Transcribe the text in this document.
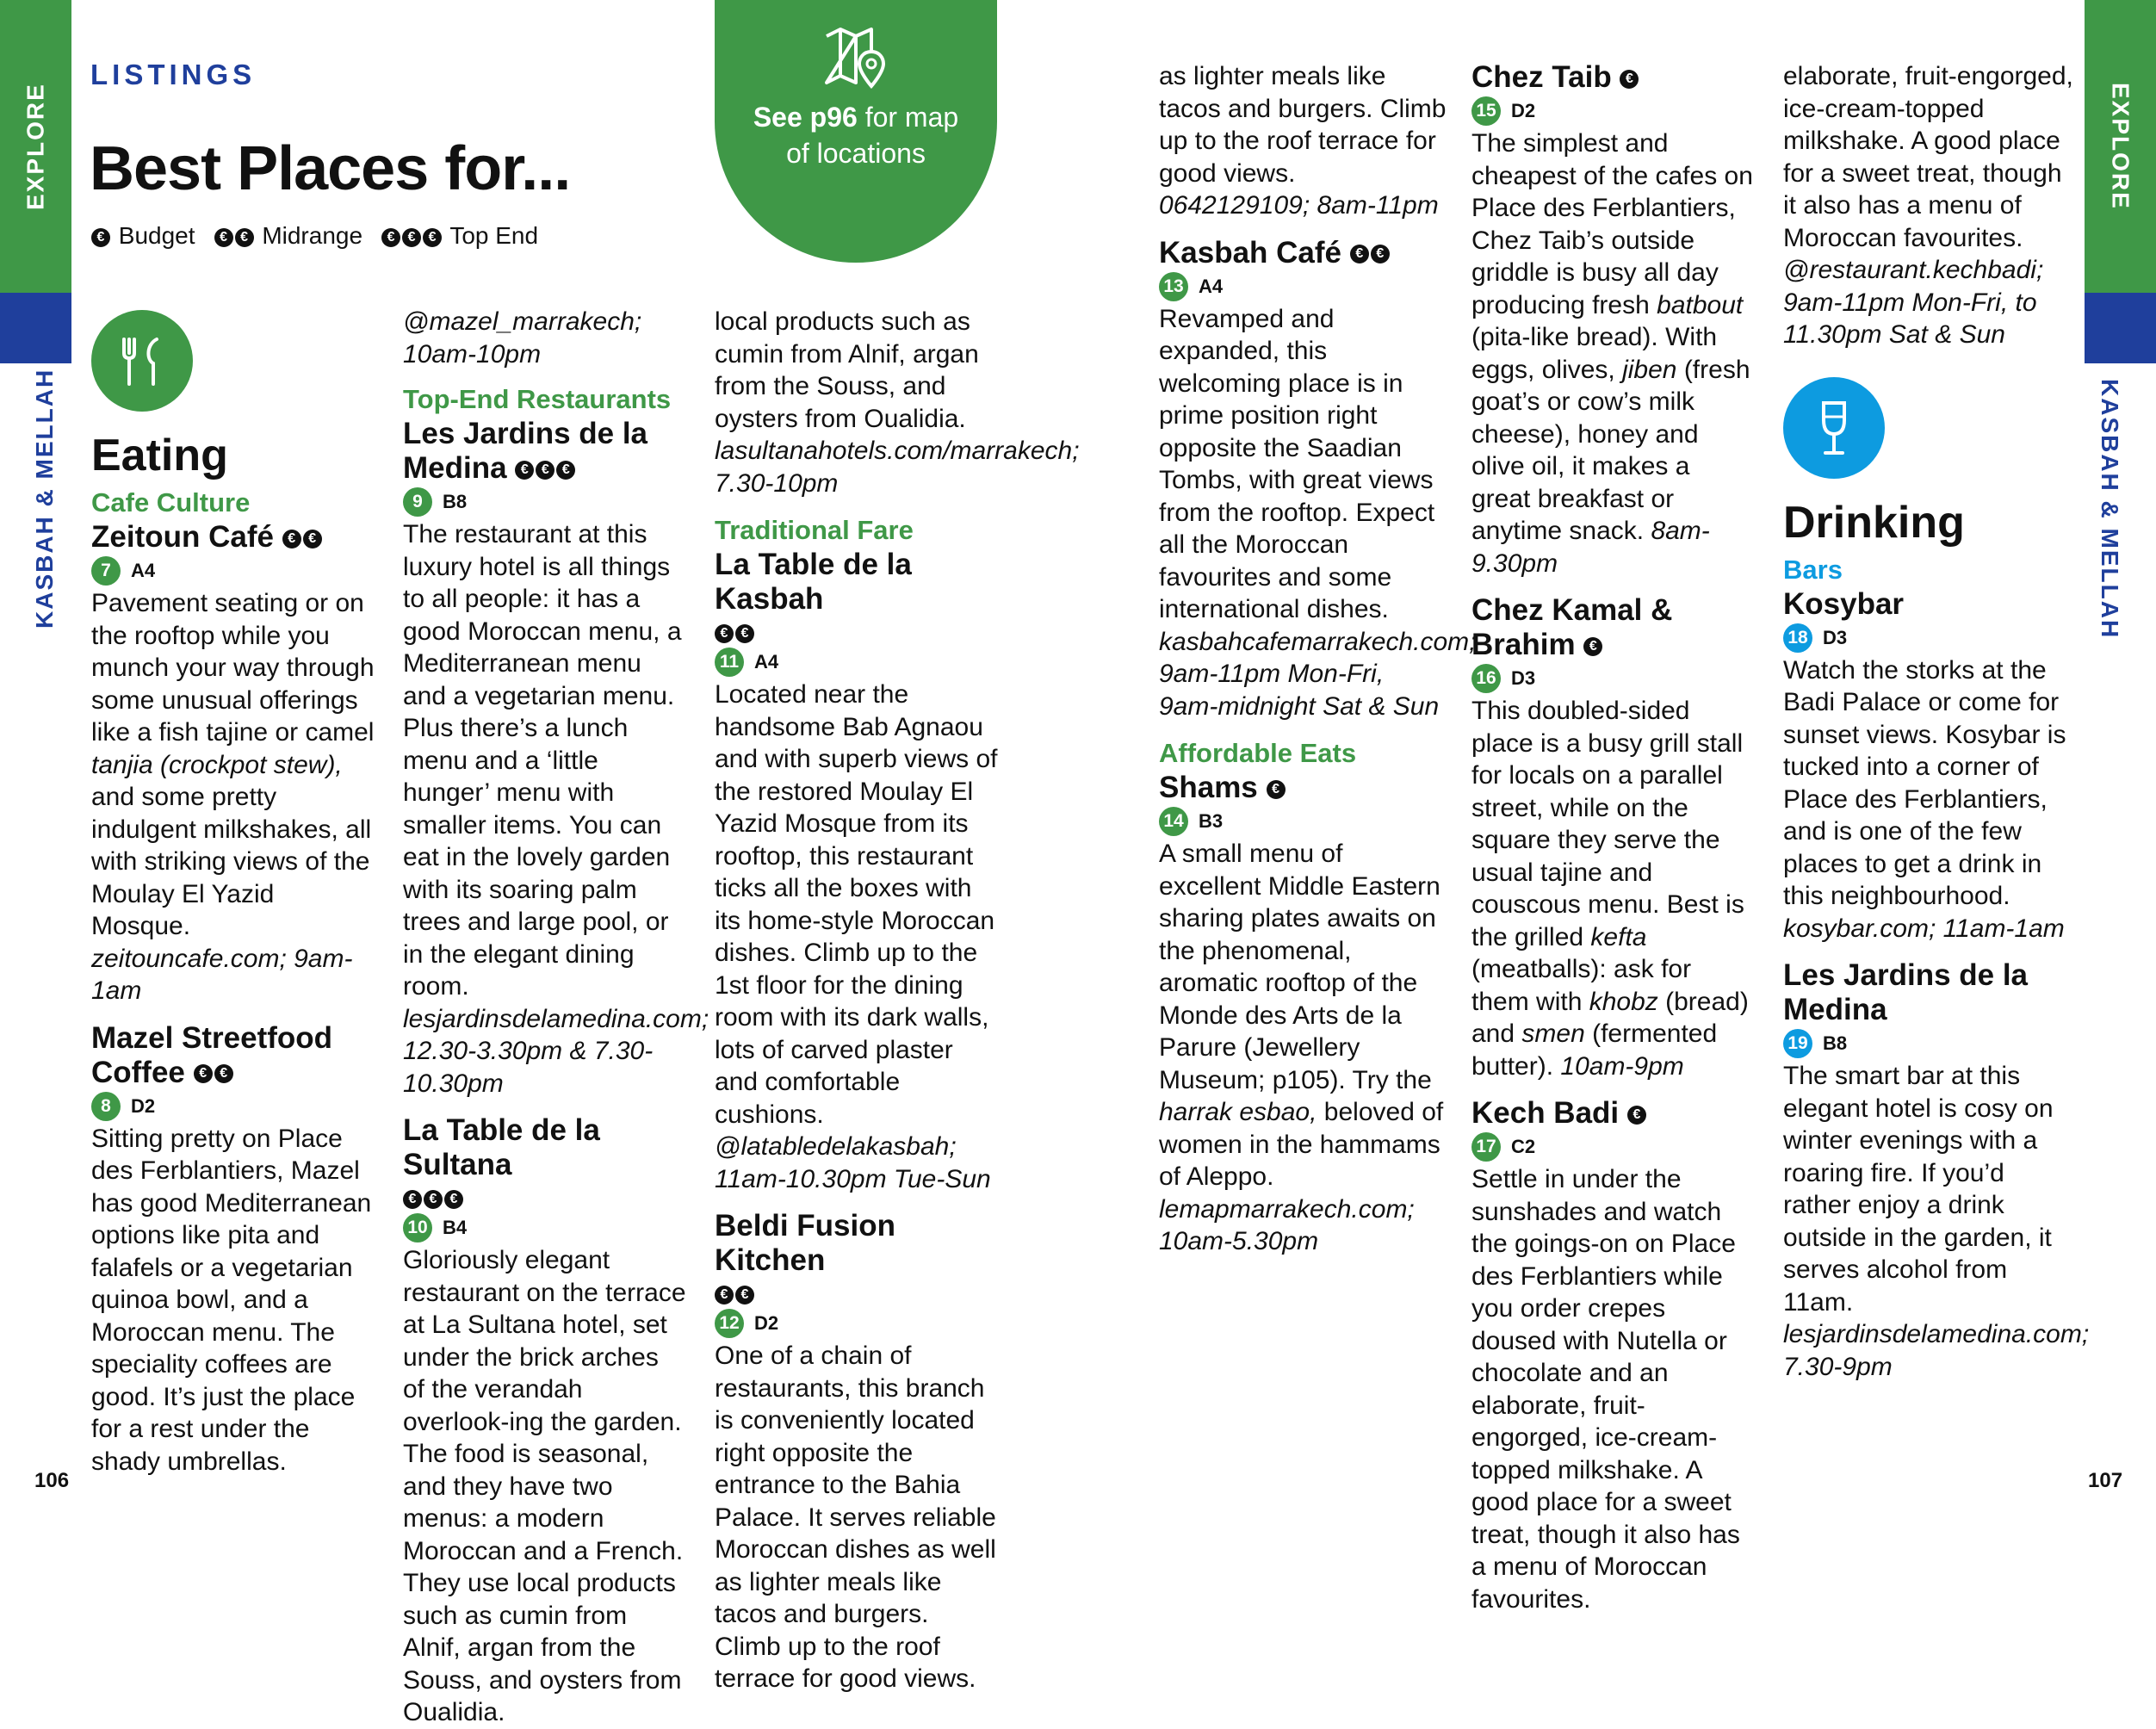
EXPLORE
KASBAH & MELLAH
EXPLORE
KASBAH & MELLAH
LISTINGS
Best Places for...
€ Budget	€ € Midrange	€ € € Top End
See p96 for map
of locations
Eating
Cafe Culture
Zeitoun Café € €
7	A4

Pavement seating or on the rooftop while you munch your way through some unusual offerings like a fish tajine or camel tanjia (crockpot stew), and some pretty indulgent milkshakes, all with striking views of the Moulay El Yazid Mosque. zeitouncafe.com; 9am-1am

Mazel Streetfood Coffee € €
8	D2

Sitting pretty on Place des Ferblantiers, Mazel has good Mediterranean options like pita and falafels or a vegetarian quinoa bowl, and a Moroccan menu. The speciality coffees are good. It’s just the place for a rest under the shady umbrellas.

@mazel_marrakech; 10am-10pm

Top-End Restaurants
Les Jardins de la Medina € € €
9	B8

The restaurant at this luxury hotel is all things to all people: it has a good Moroccan menu, a Mediterranean menu and a vegetarian menu. Plus there’s a lunch menu and a ‘little hunger’ menu with smaller items. You can eat in the lovely garden with its soaring palm trees and large pool, or in the elegant dining room. lesjardinsdelamedina.com; 12.30-3.30pm & 7.30-10.30pm

La Table de la Sultana
€ € €
10 B4

Gloriously elegant restaurant on the terrace at La Sultana hotel, set under the brick arches of the verandah overlook-ing the garden. The food is seasonal, and they have two menus: a modern Moroccan and a French. They use local products such as cumin from Alnif, argan from the Souss, and oysters from Oualidia.

local products such as cumin from Alnif, argan from the Souss, and oysters from Oualidia. lasultanahotels.com/marrakech; 7.30-10pm

Traditional Fare
La Table de la Kasbah
€ €
11 A4

Located near the handsome Bab Agnaou and with superb views of the restored Moulay El Yazid Mosque from its rooftop, this restaurant ticks all the boxes with its home-style Moroccan dishes. Climb up to the 1st floor for the dining room with its dark walls, lots of carved plaster and comfortable cushions. @latabledelakasbah; 11am-10.30pm Tue-Sun

Beldi Fusion Kitchen
€ €
12 D2

One of a chain of restaurants, this branch is conveniently located right opposite the entrance to the Bahia Palace. It serves reliable Moroccan dishes as well as lighter meals like tacos and burgers. Climb up to the roof terrace for good views.

as lighter meals like tacos and burgers. Climb up to the roof terrace for good views. 0642129109; 8am-11pm

Kasbah Café € €
13 A4

Revamped and expanded, this welcoming place is in prime position right opposite the Saadian Tombs, with great views from the rooftop. Expect all the Moroccan favourites and some international dishes. kasbahcafemarrakech.com; 9am-11pm Mon-Fri, 9am-midnight Sat & Sun

Affordable Eats
Shams €
14 B3

A small menu of excellent Middle Eastern sharing plates awaits on the phenomenal, aromatic rooftop of the Monde des Arts de la Parure (Jewellery Museum; p105). Try the harrak esbao, beloved of women in the hammams of Aleppo. lemapmarrakech.com; 10am-5.30pm

Chez Taib €
15 D2

The simplest and cheapest of the cafes on Place des Ferblantiers, Chez Taib’s outside griddle is busy all day producing fresh batbout (pita-like bread). With eggs, olives, jiben (fresh goat’s or cow’s milk cheese), honey and olive oil, it makes a great breakfast or anytime snack. 8am-9.30pm

Chez Kamal & Brahim €
16 D3

This doubled-sided place is a busy grill stall for locals on a parallel street, while on the square they serve the usual tajine and couscous menu. Best is the grilled kefta (meatballs): ask for them with khobz (bread) and smen (fermented butter). 10am-9pm

Kech Badi €
17 C2

Settle in under the sunshades and watch the goings-on on Place des Ferblantiers while you order crepes doused with Nutella or chocolate and an elaborate, fruit-engorged, ice-cream-topped milkshake. A good place for a sweet treat, though it also has a menu of Moroccan favourites.

elaborate, fruit-engorged, ice-cream-topped milkshake. A good place for a sweet treat, though it also has a menu of Moroccan favourites. @restaurant.kechbadi; 9am-11pm Mon-Fri, to 11.30pm Sat & Sun

Drinking
Bars
Kosybar
18 D3

Watch the storks at the Badi Palace or come for sunset views. Kosybar is tucked into a corner of Place des Ferblantiers, and is one of the few places to get a drink in this neighbourhood. kosybar.com; 11am-1am

Les Jardins de la Medina
19 B8

The smart bar at this elegant hotel is cosy on winter evenings with a roaring fire. If you’d rather enjoy a drink outside in the garden, it serves alcohol from 11am. lesjardinsdelamedina.com; 7.30-9pm

106	107
